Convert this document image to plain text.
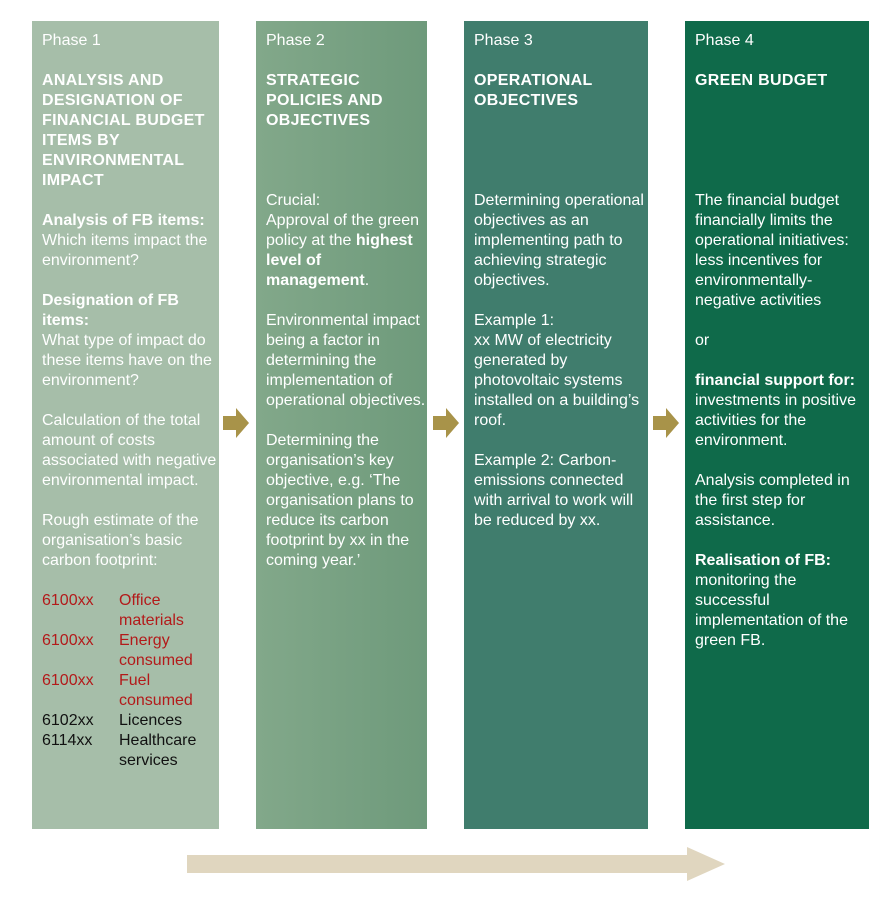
Phase 1
ANALYSIS AND DESIGNATION OF FINANCIAL BUDGET ITEMS BY ENVIRONMENTAL IMPACT

Analysis of FB items:

Which items impact the environment?

Designation of FB items:

What type of impact do these items have on the environment?

Calculation of the total amount of costs associated with negative environmental impact.

Rough estimate of the organisation’s basic carbon footprint:

6100xx	Office materials
6100xx	Energy consumed
6100xx	Fuel consumed
6102xx	Licences
6114xx	Healthcare services
Phase 2
STRATEGIC POLICIES AND OBJECTIVES

Crucial:

Approval of the green policy at the highest level of management.

Environmental impact being a factor in determining the implementation of operational objectives.

Determining the organisation’s key objective, e.g. ‘The organisation plans to reduce its carbon footprint by xx in the coming year.’

Phase 3
OPERATIONAL OBJECTIVES

Determining operational objectives as an implementing path to achieving strategic objectives.

Example 1:

xx MW of electricity generated by photovoltaic systems installed on a building’s roof.

Example 2: Carbon-emissions connected with arrival to work will be reduced by xx.

Phase 4
GREEN BUDGET

The financial budget financially limits the operational initiatives: less incentives for environmentally-negative activities

or

financial support for:

investments in positive activities for the environment.

Analysis completed in the first step for assistance.

Realisation of FB:

monitoring the successful implementation of the green FB.
